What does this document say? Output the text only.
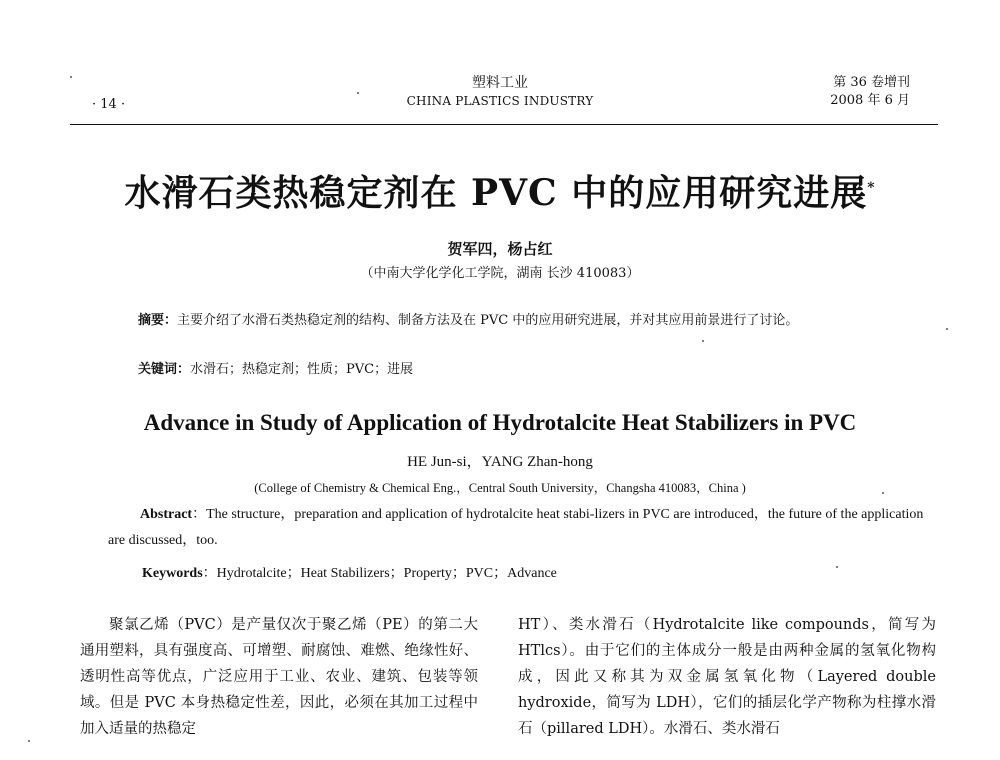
· 14 ·
塑料工业
CHINA PLASTICS INDUSTRY
第 36 卷增刊
2008 年 6 月
水滑石类热稳定剂在 PVC 中的应用研究进展*
贺军四，杨占红
（中南大学化学化工学院，湖南 长沙 410083）
摘要：主要介绍了水滑石类热稳定剂的结构、制备方法及在 PVC 中的应用研究进展，并对其应用前景进行了讨论。
关键词：水滑石；热稳定剂；性质；PVC；进展
Advance in Study of Application of Hydrotalcite Heat Stabilizers in PVC
HE Jun-si，YANG Zhan-hong
(College of Chemistry & Chemical Eng.，Central South University，Changsha 410083，China )
Abstract：The structure，preparation and application of hydrotalcite heat stabi-lizers in PVC are introduced，the future of the application are discussed，too.
Keywords：Hydrotalcite；Heat Stabilizers；Property；PVC；Advance

聚氯乙烯（PVC）是产量仅次于聚乙烯（PE）的第二大通用塑料，具有强度高、可增塑、耐腐蚀、难燃、绝缘性好、透明性高等优点，广泛应用于工业、农业、建筑、包装等领域。但是 PVC 本身热稳定性差，因此，必须在其加工过程中加入适量的热稳定

HT）、类水滑石（Hydrotalcite like compounds，简写为 HTlcs）。由于它们的主体成分一般是由两种金属的氢氧化物构成，因此又称其为双金属氢氧化物（Layered double hydroxide，简写为 LDH），它们的插层化学产物称为柱撑水滑石（pillared LDH）。水滑石、类水滑石
